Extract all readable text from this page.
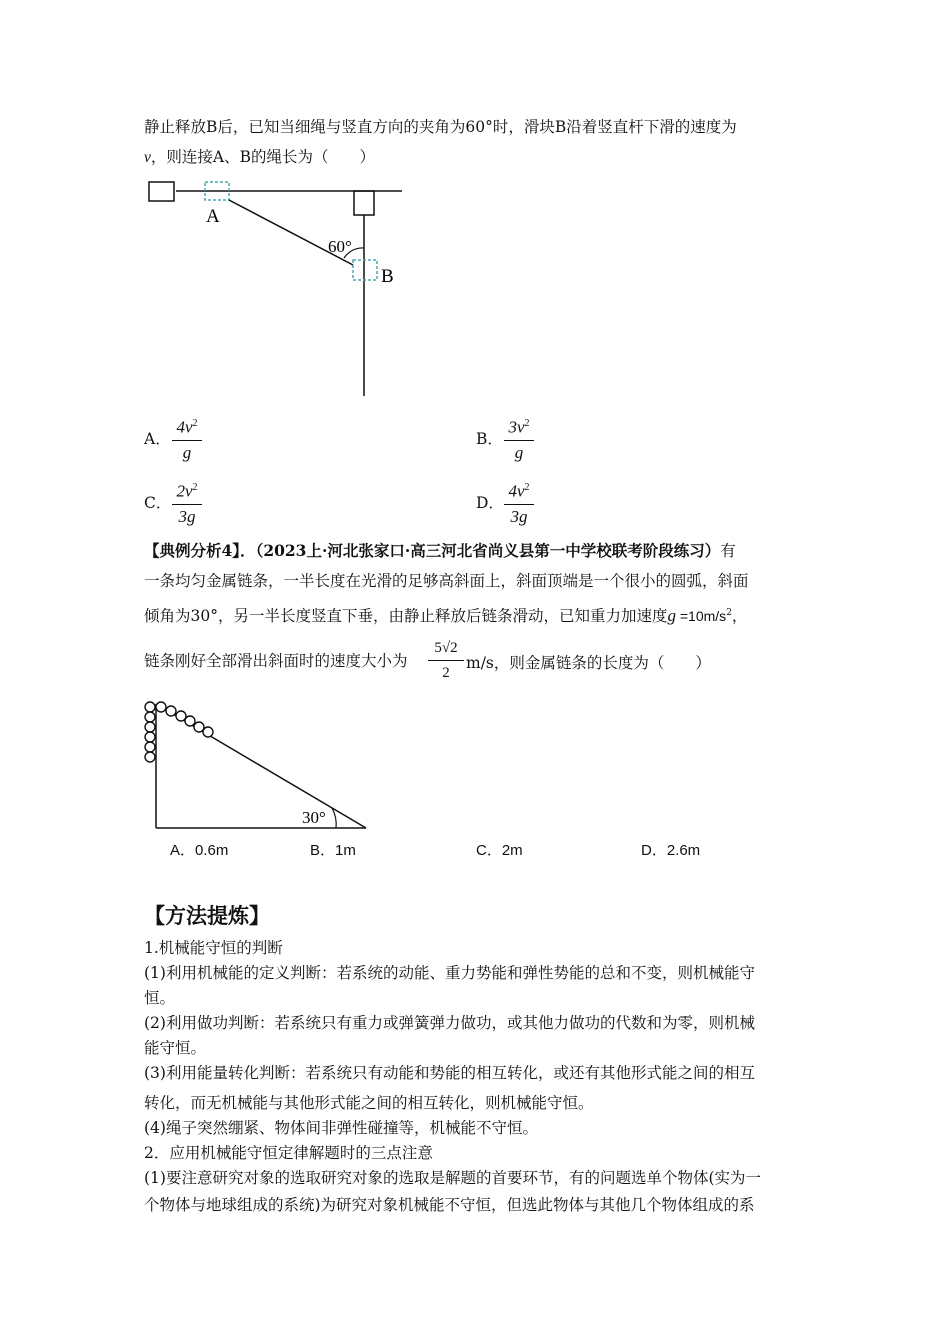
静止释放B后，已知当细绳与竖直方向的夹角为60°时，滑块B沿着竖直杆下滑的速度为
v，则连接A、B的绳长为（　　）
A
B
60°
A．
$4v^2$
g
B．
$3v^2$
g
C．
$2v^2$
3g
D．
$4v^2$
3g
【典例分析4】．（2023上·河北张家口·高三河北省尚义县第一中学校联考阶段练习）有
一条均匀金属链条，一半长度在光滑的足够高斜面上，斜面顶端是一个很小的圆弧，斜面
倾角为30°，另一半长度竖直下垂，由静止释放后链条滑动，已知重力加速度$g =10m/s^2$，
链条刚好全部滑出斜面时的速度大小为
5√2
2
m/s，则金属链条的长度为（　　）
30°
A．0.6m	B．1m	C．2m	D．2.6m
【方法提炼】
1.机械能守恒的判断
(1)利用机械能的定义判断：若系统的动能、重力势能和弹性势能的总和不变，则机械能守
恒。
(2)利用做功判断：若系统只有重力或弹簧弹力做功，或其他力做功的代数和为零，则机械
能守恒。
(3)利用能量转化判断：若系统只有动能和势能的相互转化，或还有其他形式能之间的相互
转化，而无机械能与其他形式能之间的相互转化，则机械能守恒。
(4)绳子突然绷紧、物体间非弹性碰撞等，机械能不守恒。
2．应用机械能守恒定律解题时的三点注意
(1)要注意研究对象的选取研究对象的选取是解题的首要环节，有的问题选单个物体(实为一
个物体与地球组成的系统)为研究对象机械能不守恒，但选此物体与其他几个物体组成的系
